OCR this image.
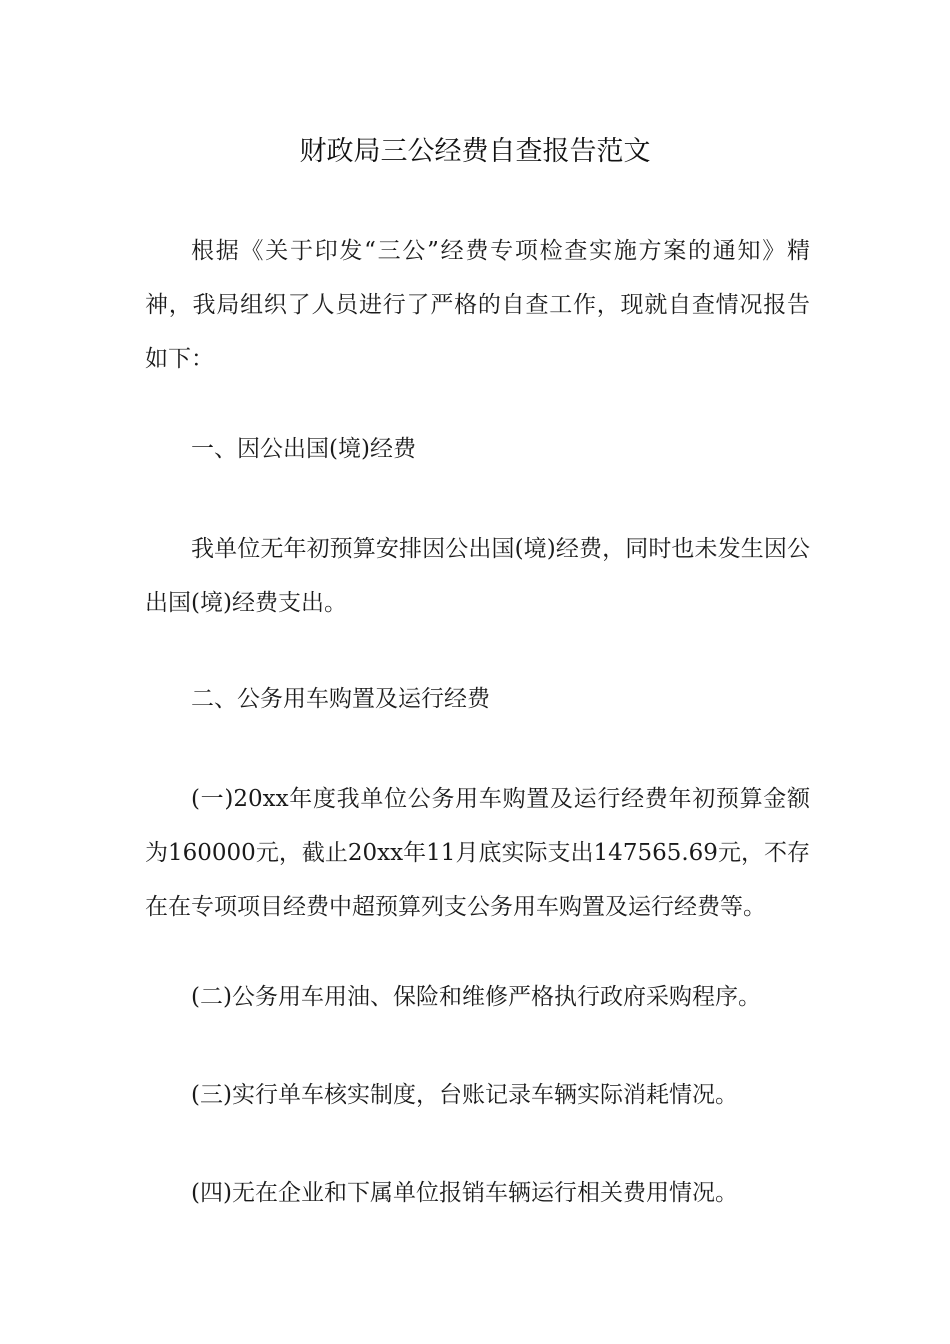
财政局三公经费自查报告范文

根据《关于印发“三公”经费专项检查实施方案的通知》精神，我局组织了人员进行了严格的自查工作，现就自查情况报告如下：

一、因公出国(境)经费

我单位无年初预算安排因公出国(境)经费，同时也未发生因公出国(境)经费支出。

二、公务用车购置及运行经费

(一)20xx年度我单位公务用车购置及运行经费年初预算金额为160000元，截止20xx年11月底实际支出147565.69元，不存在在专项项目经费中超预算列支公务用车购置及运行经费等。

(二)公务用车用油、保险和维修严格执行政府采购程序。

(三)实行单车核实制度，台账记录车辆实际消耗情况。

(四)无在企业和下属单位报销车辆运行相关费用情况。
